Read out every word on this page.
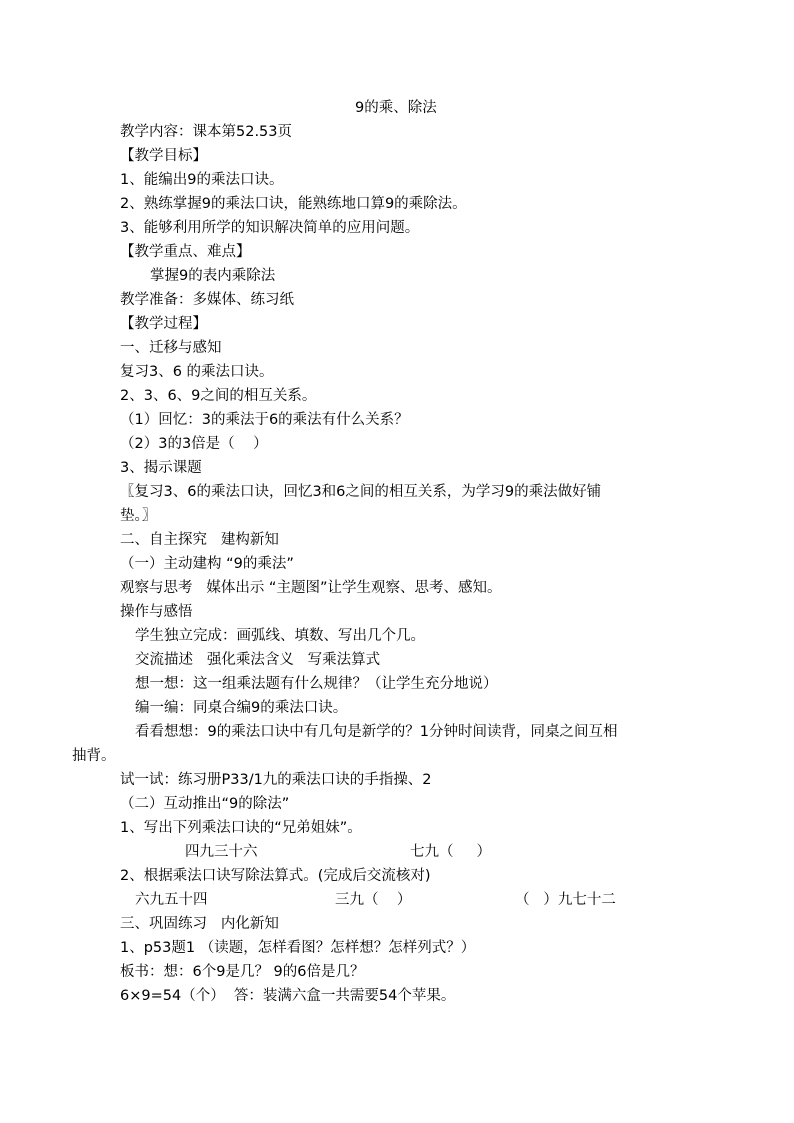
9的乘、除法
教学内容：课本第52.53页
【教学目标】
1、能编出9的乘法口诀。
2、熟练掌握9的乘法口诀，能熟练地口算9的乘除法。
3、能够利用所学的知识解决简单的应用问题。
【教学重点、难点】
掌握9的表内乘除法
教学准备：多媒体、练习纸
【教学过程】
一、迁移与感知
复习3、6 的乘法口诀。
2、3、6、9之间的相互关系。
（1）回忆：3的乘法于6的乘法有什么关系？
（2）3的3倍是（    ）
3、揭示课题
〖复习3、6的乘法口诀，回忆3和6之间的相互关系，为学习9的乘法做好铺
垫。〗
二、自主探究   建构新知
（一）主动建构 “9的乘法”
观察与思考   媒体出示 “主题图”让学生观察、思考、感知。
操作与感悟
学生独立完成：画弧线、填数、写出几个几。
交流描述   强化乘法含义   写乘法算式
想一想：这一组乘法题有什么规律？（让学生充分地说）
编一编：同桌合编9的乘法口诀。
看看想想：9的乘法口诀中有几句是新学的？1分钟时间读背，同桌之间互相
抽背。
试一试：练习册P33/1九的乘法口诀的手指操、2
（二）互动推出“9的除法”
1、写出下列乘法口诀的“兄弟姐妹”。
四九三十六	七九（     ）
2、根据乘法口诀写除法算式。(完成后交流核对)
六九五十四	三九（    ）	（   ）九七十二
三、巩固练习   内化新知
1、p53题1 （读题，怎样看图？怎样想？怎样列式？）
板书：想：6个9是几？ 9的6倍是几？
6×9=54（个）  答：装满六盒一共需要54个苹果。
